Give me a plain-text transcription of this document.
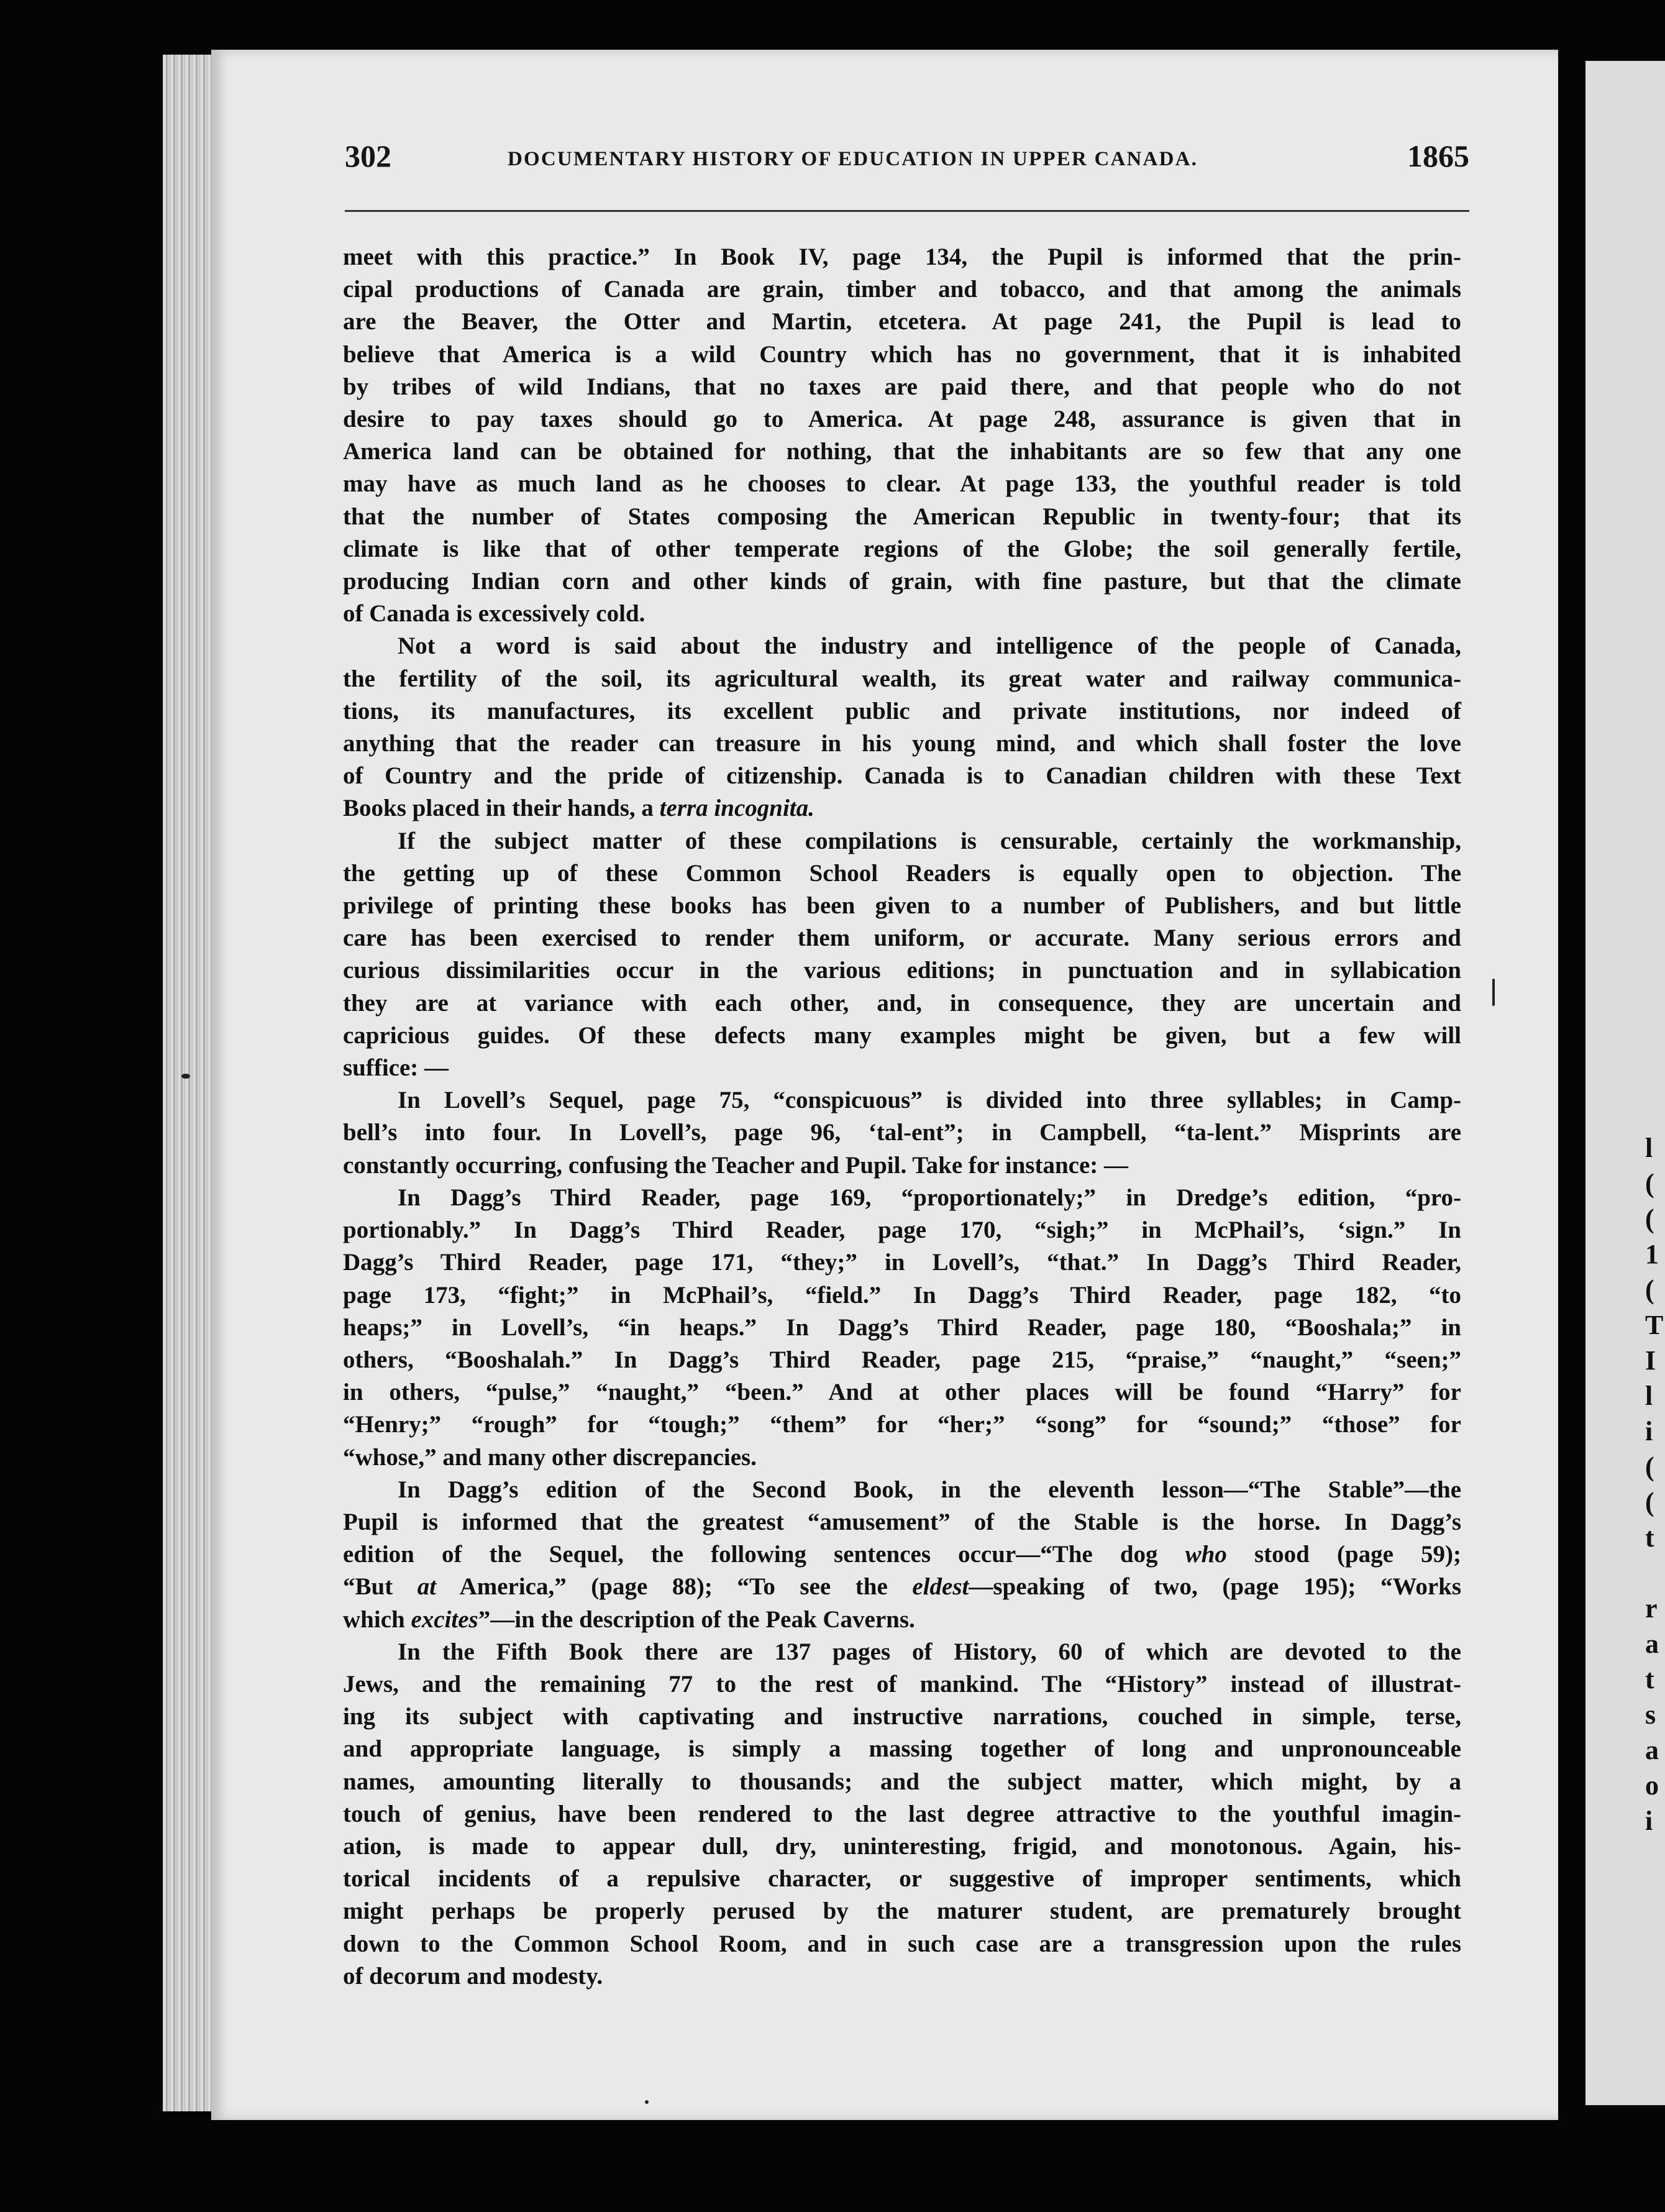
l
(
(
1
(
T
I
l
i
(
(
t
r
a
t
s
a
o
i
302	DOCUMENTARY HISTORY OF EDUCATION IN UPPER CANADA.	1865

meet with this practice.” In Book IV, page 134, the Pupil is informed that the prin-

cipal productions of Canada are grain, timber and tobacco, and that among the animals

are the Beaver, the Otter and Martin, etcetera. At page 241, the Pupil is lead to

believe that America is a wild Country which has no government, that it is inhabited

by tribes of wild Indians, that no taxes are paid there, and that people who do not

desire to pay taxes should go to America. At page 248, assurance is given that in

America land can be obtained for nothing, that the inhabitants are so few that any one

may have as much land as he chooses to clear. At page 133, the youthful reader is told

that the number of States composing the American Republic in twenty-four; that its

climate is like that of other temperate regions of the Globe; the soil generally fertile,

producing Indian corn and other kinds of grain, with fine pasture, but that the climate

of Canada is excessively cold.

Not a word is said about the industry and intelligence of the people of Canada,

the fertility of the soil, its agricultural wealth, its great water and railway communica-

tions, its manufactures, its excellent public and private institutions, nor indeed of

anything that the reader can treasure in his young mind, and which shall foster the love

of Country and the pride of citizenship. Canada is to Canadian children with these Text

Books placed in their hands, a terra incognita.

If the subject matter of these compilations is censurable, certainly the workmanship,

the getting up of these Common School Readers is equally open to objection. The

privilege of printing these books has been given to a number of Publishers, and but little

care has been exercised to render them uniform, or accurate. Many serious errors and

curious dissimilarities occur in the various editions; in punctuation and in syllabication

they are at variance with each other, and, in consequence, they are uncertain and

capricious guides. Of these defects many examples might be given, but a few will

suffice: —

In Lovell’s Sequel, page 75, “conspicuous” is divided into three syllables; in Camp-

bell’s into four. In Lovell’s, page 96, ‘tal-ent”; in Campbell, “ta-lent.” Misprints are

constantly occurring, confusing the Teacher and Pupil. Take for instance: —

In Dagg’s Third Reader, page 169, “proportionately;” in Dredge’s edition, “pro-

portionably.” In Dagg’s Third Reader, page 170, “sigh;” in McPhail’s, ‘sign.” In

Dagg’s Third Reader, page 171, “they;” in Lovell’s, “that.” In Dagg’s Third Reader,

page 173, “fight;” in McPhail’s, “field.” In Dagg’s Third Reader, page 182, “to

heaps;” in Lovell’s, “in heaps.” In Dagg’s Third Reader, page 180, “Booshala;” in

others, “Booshalah.” In Dagg’s Third Reader, page 215, “praise,” “naught,” “seen;”

in others, “pulse,” “naught,” “been.” And at other places will be found “Harry” for

“Henry;” “rough” for “tough;” “them” for “her;” “song” for “sound;” “those” for

“whose,” and many other discrepancies.

In Dagg’s edition of the Second Book, in the eleventh lesson—“The Stable”—the

Pupil is informed that the greatest “amusement” of the Stable is the horse. In Dagg’s

edition of the Sequel, the following sentences occur—“The dog who stood (page 59);

“But at America,” (page 88); “To see the eldest—speaking of two, (page 195); “Works

which excites”—in the description of the Peak Caverns.

In the Fifth Book there are 137 pages of History, 60 of which are devoted to the

Jews, and the remaining 77 to the rest of mankind. The “History” instead of illustrat-

ing its subject with captivating and instructive narrations, couched in simple, terse,

and appropriate language, is simply a massing together of long and unpronounceable

names, amounting literally to thousands; and the subject matter, which might, by a

touch of genius, have been rendered to the last degree attractive to the youthful imagin-

ation, is made to appear dull, dry, uninteresting, frigid, and monotonous. Again, his-

torical incidents of a repulsive character, or suggestive of improper sentiments, which

might perhaps be properly perused by the maturer student, are prematurely brought

down to the Common School Room, and in such case are a transgression upon the rules

of decorum and modesty.
